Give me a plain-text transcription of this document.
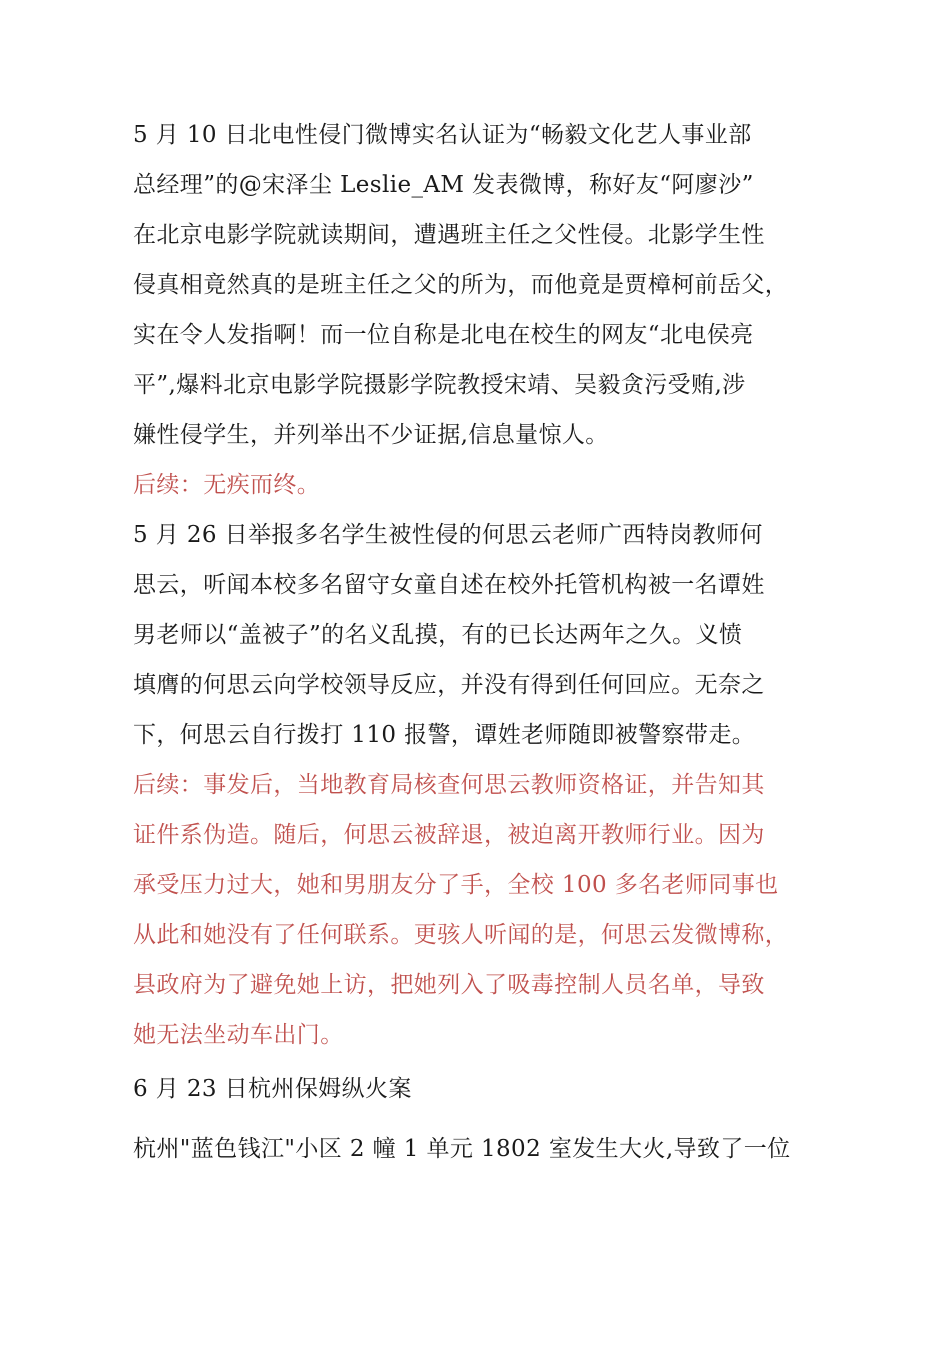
5 月 10 日北电性侵门微博实名认证为“畅毅文化艺人事业部
总经理”的@宋泽尘 Leslie_AM 发表微博，称好友“阿廖沙”
在北京电影学院就读期间，遭遇班主任之父性侵。北影学生性
侵真相竟然真的是班主任之父的所为，而他竟是贾樟柯前岳父，
实在令人发指啊！而一位自称是北电在校生的网友“北电侯亮
平”,爆料北京电影学院摄影学院教授宋靖、吴毅贪污受贿,涉
嫌性侵学生，并列举出不少证据,信息量惊人。
后续：无疾而终。
5 月 26 日举报多名学生被性侵的何思云老师广西特岗教师何
思云，听闻本校多名留守女童自述在校外托管机构被一名谭姓
男老师以“盖被子”的名义乱摸，有的已长达两年之久。义愤
填膺的何思云向学校领导反应，并没有得到任何回应。无奈之
下，何思云自行拨打 110 报警，谭姓老师随即被警察带走。
后续：事发后，当地教育局核查何思云教师资格证，并告知其
证件系伪造。随后，何思云被辞退，被迫离开教师行业。因为
承受压力过大，她和男朋友分了手，全校 100 多名老师同事也
从此和她没有了任何联系。更骇人听闻的是，何思云发微博称，
县政府为了避免她上访，把她列入了吸毒控制人员名单，导致
她无法坐动车出门。
6 月 23 日杭州保姆纵火案
杭州"蓝色钱江"小区 2 幢 1 单元 1802 室发生大火,导致了一位
